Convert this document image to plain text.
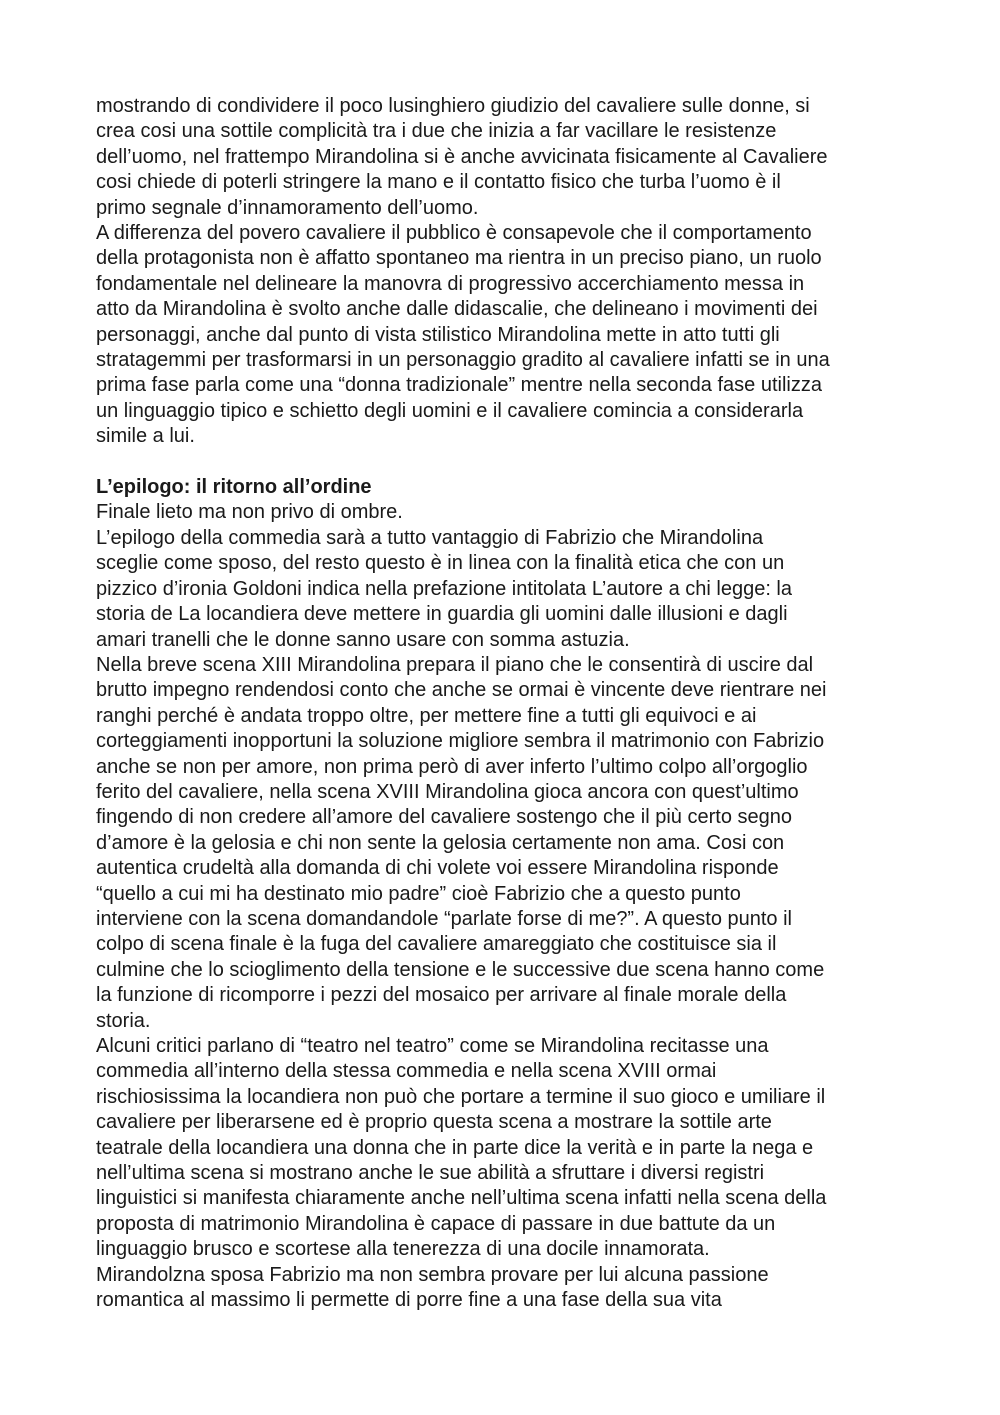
mostrando di condividere il poco lusinghiero giudizio del cavaliere sulle donne, si
crea cosi una sottile complicità tra i due che inizia a far vacillare le resistenze
dell’uomo, nel frattempo Mirandolina si è anche avvicinata fisicamente al Cavaliere
cosi chiede di poterli stringere la mano e il contatto fisico che turba l’uomo è il
primo segnale d’innamoramento dell’uomo.
A differenza del povero cavaliere il pubblico è consapevole che il comportamento
della protagonista non è affatto spontaneo ma rientra in un preciso piano, un ruolo
fondamentale nel delineare la manovra di progressivo accerchiamento messa in
atto da Mirandolina è svolto anche dalle didascalie, che delineano i movimenti dei
personaggi, anche dal punto di vista stilistico Mirandolina mette in atto tutti gli
stratagemmi per trasformarsi in un personaggio gradito al cavaliere infatti se in una
prima fase parla come una “donna tradizionale” mentre nella seconda fase utilizza
un linguaggio tipico e schietto degli uomini e il cavaliere comincia a considerarla
simile a lui.
L’epilogo: il ritorno all’ordine
Finale lieto ma non privo di ombre.
L’epilogo della commedia sarà a tutto vantaggio di Fabrizio che Mirandolina
sceglie come sposo, del resto questo è in linea con la finalità etica che con un
pizzico d’ironia Goldoni indica nella prefazione intitolata L’autore a chi legge: la
storia de La locandiera deve mettere in guardia gli uomini dalle illusioni e dagli
amari tranelli che le donne sanno usare con somma astuzia.
Nella breve scena XIII Mirandolina prepara il piano che le consentirà di uscire dal
brutto impegno rendendosi conto che anche se ormai è vincente deve rientrare nei
ranghi perché è andata troppo oltre, per mettere fine a tutti gli equivoci e ai
corteggiamenti inopportuni la soluzione migliore sembra il matrimonio con Fabrizio
anche se non per amore, non prima però di aver inferto l’ultimo colpo all’orgoglio
ferito del cavaliere, nella scena XVIII Mirandolina gioca ancora con quest’ultimo
fingendo di non credere all’amore del cavaliere sostengo che il più certo segno
d’amore è la gelosia e chi non sente la gelosia certamente non ama. Cosi con
autentica crudeltà alla domanda di chi volete voi essere Mirandolina risponde
“quello a cui mi ha destinato mio padre” cioè Fabrizio che a questo punto
interviene con la scena domandandole “parlate forse di me?”. A questo punto il
colpo di scena finale è la fuga del cavaliere amareggiato che costituisce sia il
culmine che lo scioglimento della tensione e le successive due scena hanno come
la funzione di ricomporre i pezzi del mosaico per arrivare al finale morale della
storia.
Alcuni critici parlano di “teatro nel teatro” come se Mirandolina recitasse una
commedia all’interno della stessa commedia e nella scena XVIII ormai
rischiosissima la locandiera non può che portare a termine il suo gioco e umiliare il
cavaliere per liberarsene ed è proprio questa scena a mostrare la sottile arte
teatrale della locandiera una donna che in parte dice la verità e in parte la nega e
nell’ultima scena si mostrano anche le sue abilità a sfruttare i diversi registri
linguistici si manifesta chiaramente anche nell’ultima scena infatti nella scena della
proposta di matrimonio Mirandolina è capace di passare in due battute da un
linguaggio brusco e scortese alla tenerezza di una docile innamorata.
Mirandolzna sposa Fabrizio ma non sembra provare per lui alcuna passione
romantica al massimo li permette di porre fine a una fase della sua vita
